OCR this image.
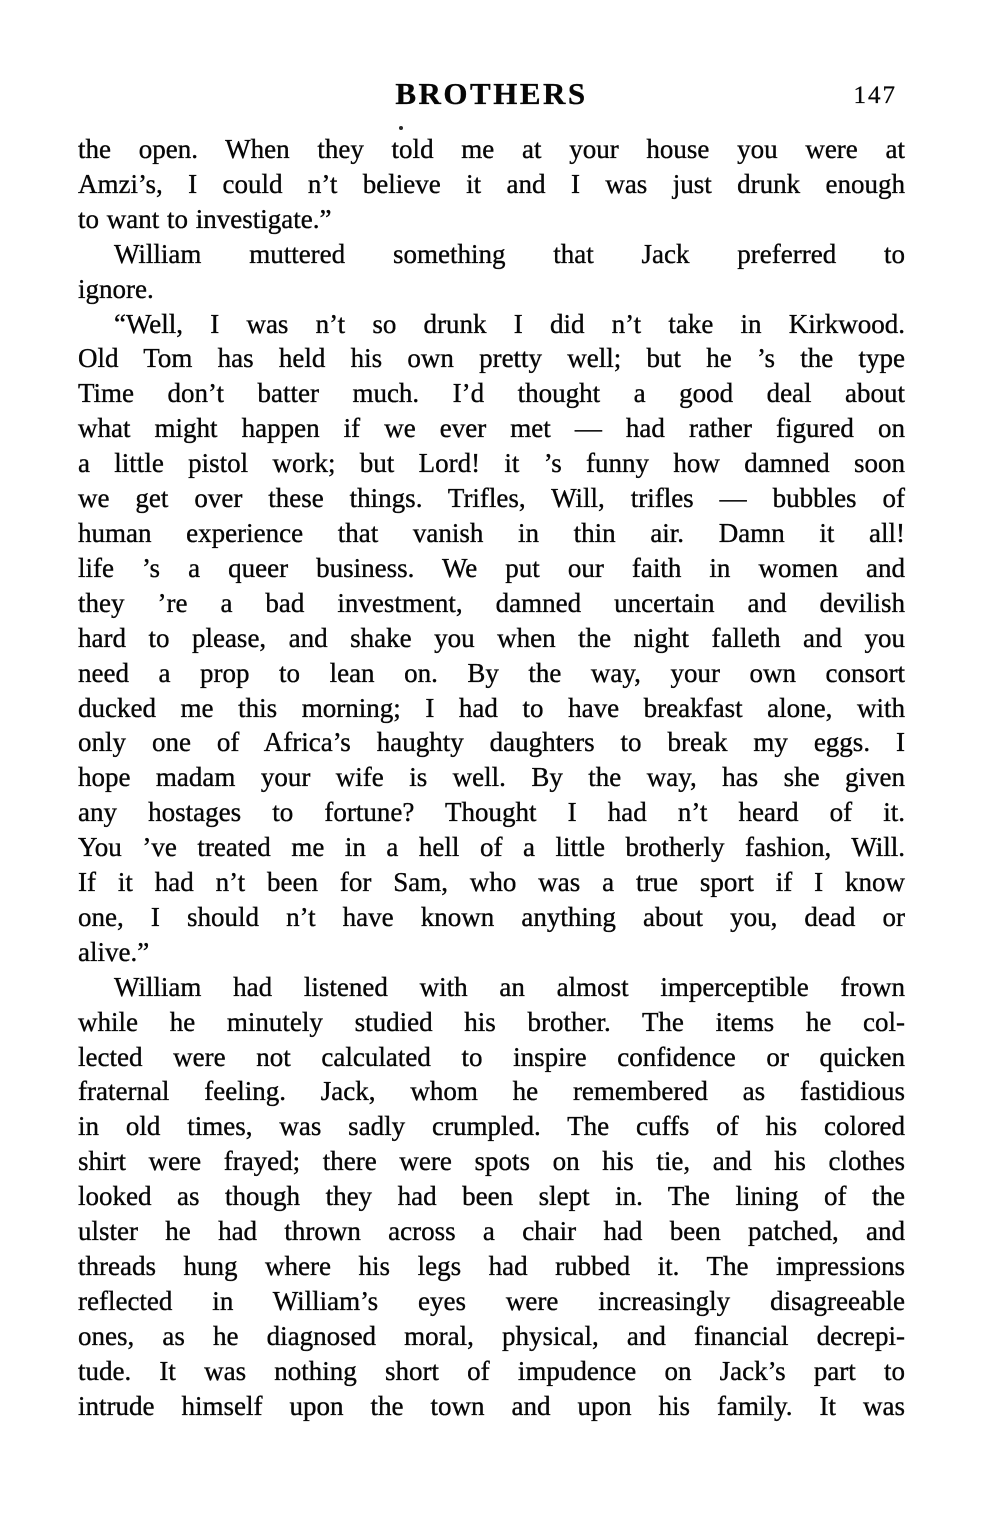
BROTHERS	147
the open. When they told me at your house you were at
Amzi’s, I could n’t believe it and I was just drunk enough
to want to investigate.”
William muttered something that Jack preferred to
ignore.
“Well, I was n’t so drunk I did n’t take in Kirkwood.
Old Tom has held his own pretty well; but he ’s the type
Time don’t batter much. I’d thought a good deal about
what might happen if we ever met — had rather figured on
a little pistol work; but Lord! it ’s funny how damned soon
we get over these things. Trifles, Will, trifles — bubbles of
human experience that vanish in thin air. Damn it all!
life ’s a queer business. We put our faith in women and
they ’re a bad investment, damned uncertain and devilish
hard to please, and shake you when the night falleth and you
need a prop to lean on. By the way, your own consort
ducked me this morning; I had to have breakfast alone, with
only one of Africa’s haughty daughters to break my eggs. I
hope madam your wife is well. By the way, has she given
any hostages to fortune? Thought I had n’t heard of it.
You ’ve treated me in a hell of a little brotherly fashion, Will.
If it had n’t been for Sam, who was a true sport if I know
one, I should n’t have known anything about you, dead or
alive.”
William had listened with an almost imperceptible frown
while he minutely studied his brother. The items he col-
lected were not calculated to inspire confidence or quicken
fraternal feeling. Jack, whom he remembered as fastidious
in old times, was sadly crumpled. The cuffs of his colored
shirt were frayed; there were spots on his tie, and his clothes
looked as though they had been slept in. The lining of the
ulster he had thrown across a chair had been patched, and
threads hung where his legs had rubbed it. The impressions
reflected in William’s eyes were increasingly disagreeable
ones, as he diagnosed moral, physical, and financial decrepi-
tude. It was nothing short of impudence on Jack’s part to
intrude himself upon the town and upon his family. It was
